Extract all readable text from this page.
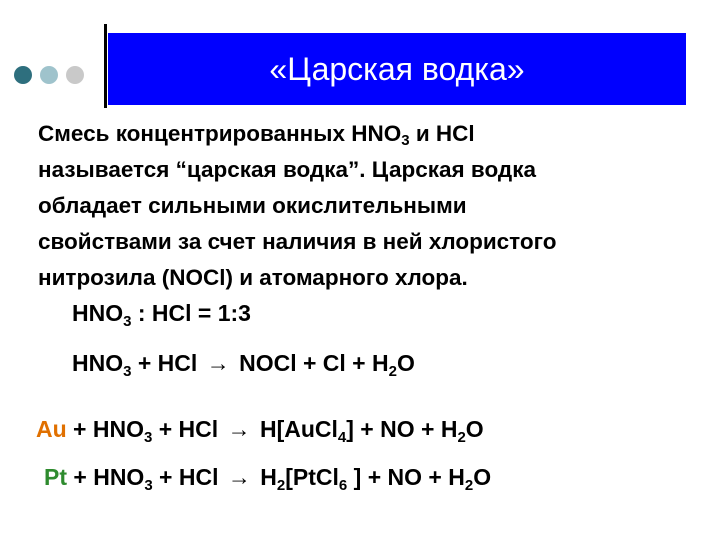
«Царская водка»
Смесь концентрированных $HNO_3$ и HCl
называется “царская водка”. Царская водка
обладает сильными окислительными
свойствами за счет наличия в ней хлористого
нитрозила (NOCl) и атомарного хлора.
$HNO_3$ : HCl = 1:3
$HNO_3$ + HCl → NOCl + $Cl + H_2O$
$Au + HNO_3$ + HCl → H[AuCl$_4$] + NO + $H_2O$
$Pt + HNO_3$ + HCl → $H_2[PtCl_6$ ] + NO + $H_2O$
